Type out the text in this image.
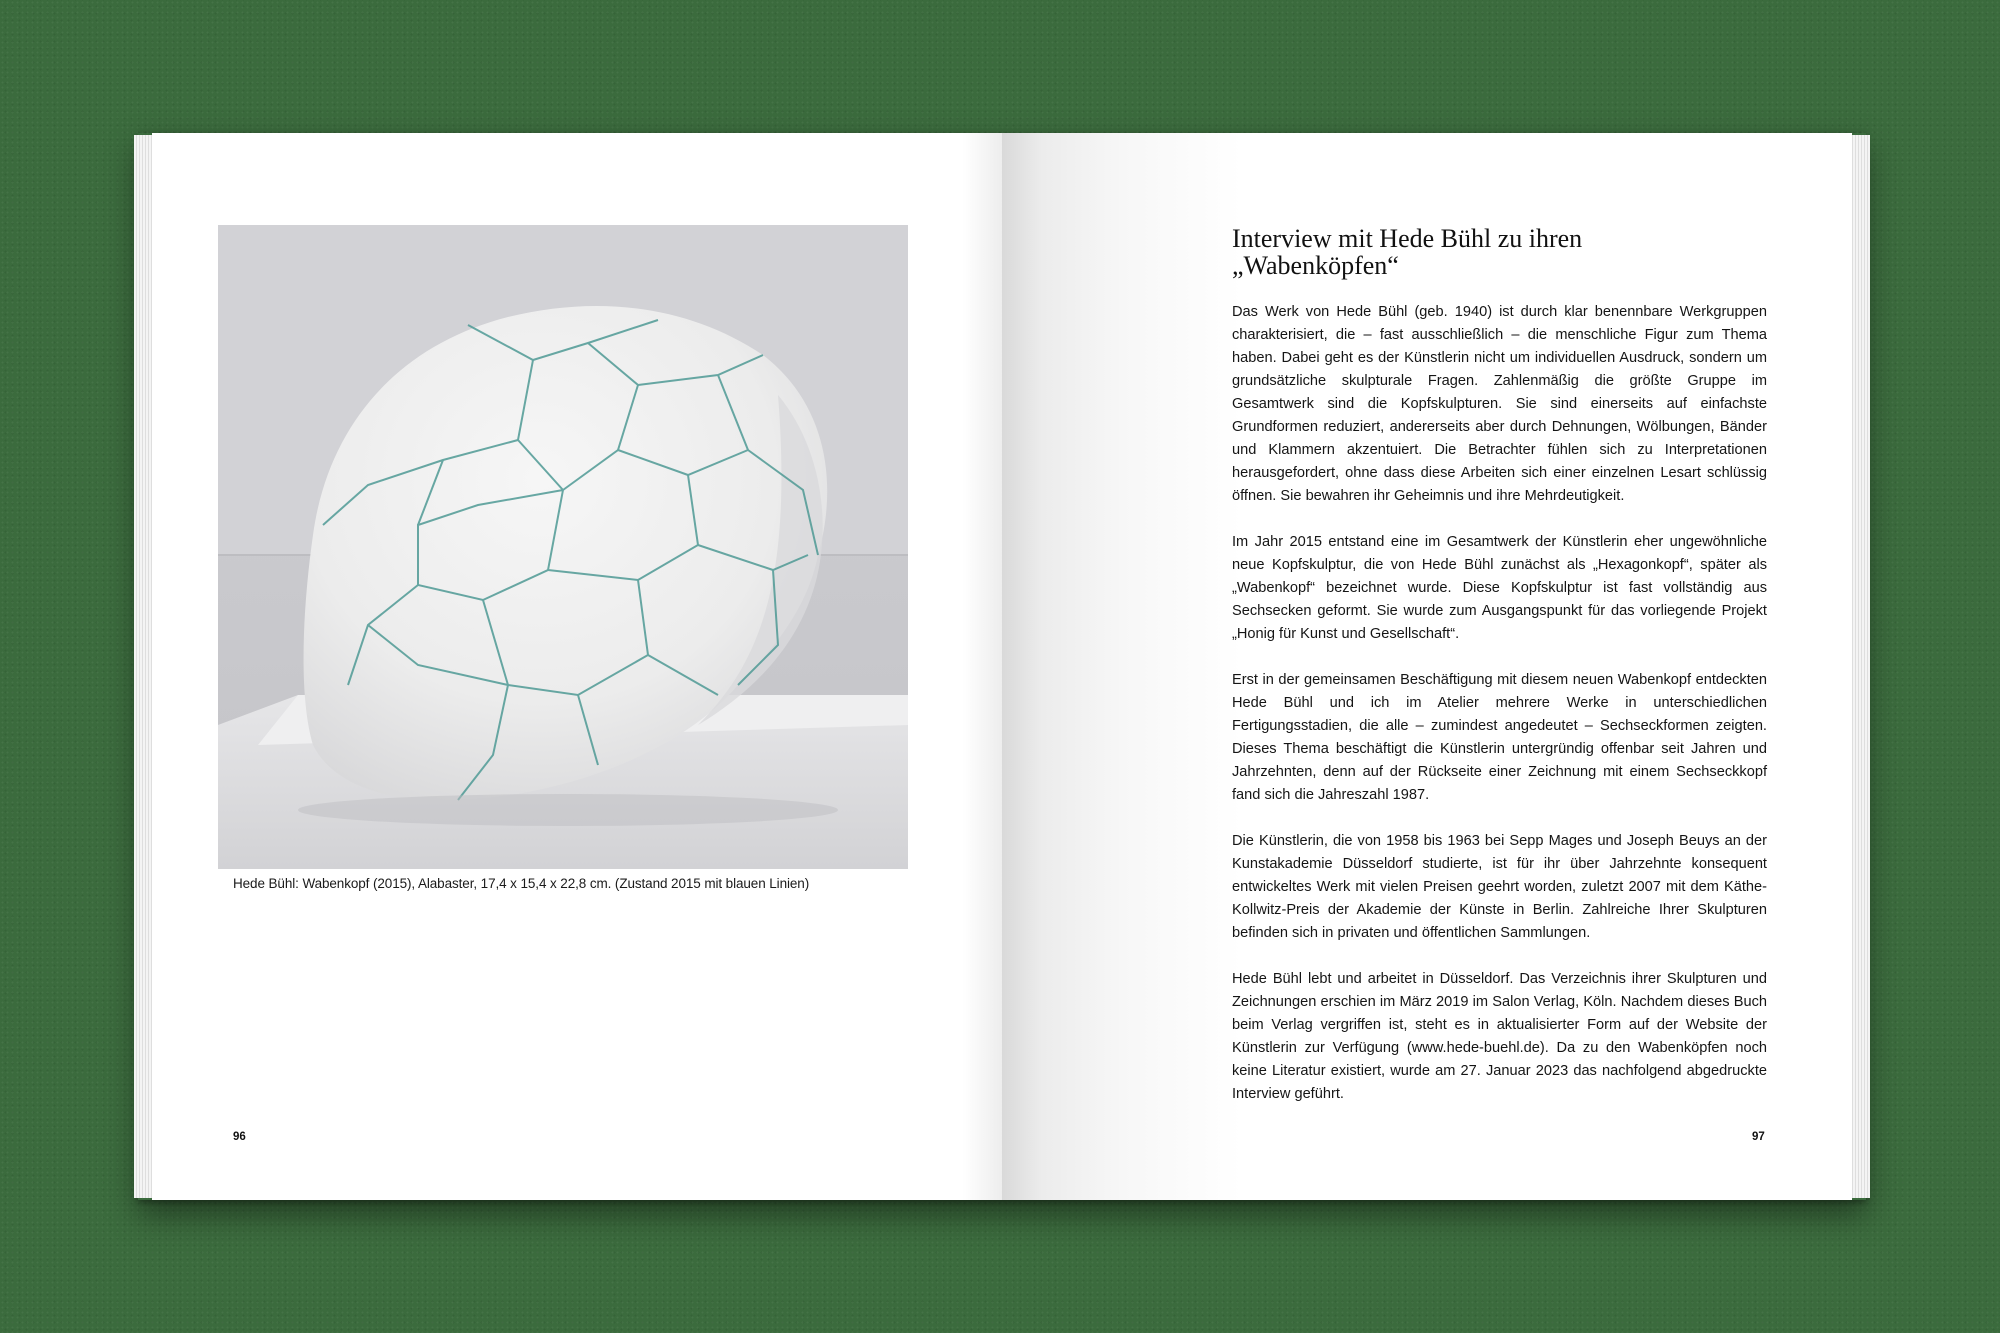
Hede Bühl: Wabenkopf (2015), Alabaster, 17,4 x 15,4 x 22,8 cm. (Zustand 2015 mit blauen Linien)
96
Interview mit Hede Bühl zu ihren
„Wabenköpfen“

Das Werk von Hede Bühl (geb. 1940) ist durch klar benennbare Werkgruppen charakterisiert, die – fast ausschließlich – die menschliche Figur zum Thema haben. Dabei geht es der Künstlerin nicht um individuellen Ausdruck, sondern um grundsätzliche skulpturale Fragen. Zahlenmäßig die größte Gruppe im Gesamtwerk sind die Kopfskulpturen. Sie sind einerseits auf einfachste Grundformen reduziert, andererseits aber durch Dehnungen, Wölbungen, Bänder und Klammern akzentuiert. Die Betrachter fühlen sich zu Interpretationen herausgefordert, ohne dass diese Arbeiten sich einer einzelnen Lesart schlüssig öffnen. Sie bewahren ihr Geheimnis und ihre Mehrdeutigkeit.

Im Jahr 2015 entstand eine im Gesamtwerk der Künstlerin eher ungewöhnliche neue Kopfskulptur, die von Hede Bühl zunächst als „Hexagonkopf“, später als „Wabenkopf“ bezeichnet wurde. Diese Kopfskulptur ist fast vollständig aus Sechsecken geformt. Sie wurde zum Ausgangspunkt für das vorliegende Projekt „Honig für Kunst und Gesellschaft“.

Erst in der gemeinsamen Beschäftigung mit diesem neuen Wabenkopf entdeckten Hede Bühl und ich im Atelier mehrere Werke in unterschiedlichen Fertigungsstadien, die alle – zumindest angedeutet – Sechseckformen zeigten. Dieses Thema beschäftigt die Künstlerin untergründig offenbar seit Jahren und Jahrzehnten, denn auf der Rückseite einer Zeichnung mit einem Sechseckkopf fand sich die Jahreszahl 1987.

Die Künstlerin, die von 1958 bis 1963 bei Sepp Mages und Joseph Beuys an der Kunstakademie Düsseldorf studierte, ist für ihr über Jahrzehnte konsequent entwickeltes Werk mit vielen Preisen geehrt worden, zuletzt 2007 mit dem Käthe-Kollwitz-Preis der Akademie der Künste in Berlin. Zahlreiche Ihrer Skulpturen befinden sich in privaten und öffentlichen Sammlungen.

Hede Bühl lebt und arbeitet in Düsseldorf. Das Verzeichnis ihrer Skulpturen und Zeichnungen erschien im März 2019 im Salon Verlag, Köln. Nachdem dieses Buch beim Verlag vergriffen ist, steht es in aktualisierter Form auf der Website der Künstlerin zur Verfügung (www.hede-buehl.de). Da zu den Wabenköpfen noch keine Literatur existiert, wurde am 27. Januar 2023 das nachfolgend abgedruckte Interview geführt.

97
